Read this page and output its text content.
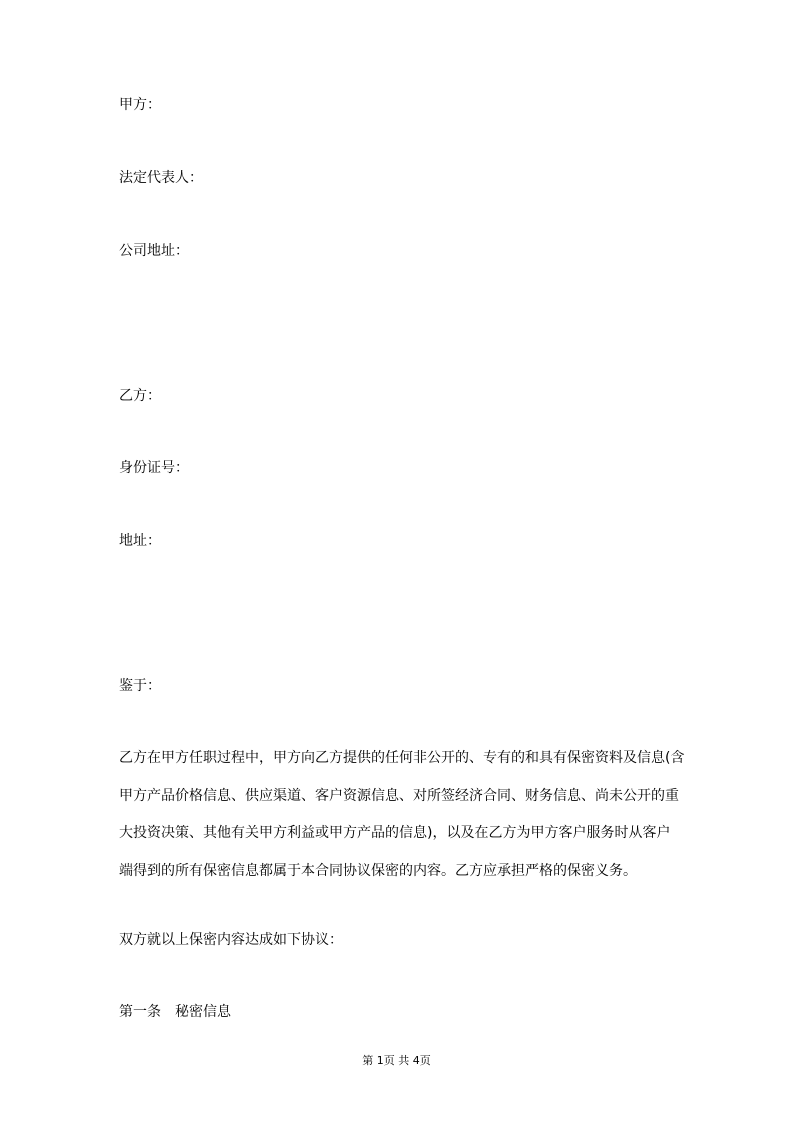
甲方：
法定代表人：
公司地址：
乙方：
身份证号：
地址：
鉴于：
乙方在甲方任职过程中，甲方向乙方提供的任何非公开的、专有的和具有保密资料及信息(含
甲方产品价格信息、供应渠道、客户资源信息、对所签经济合同、财务信息、尚未公开的重
大投资决策、其他有关甲方利益或甲方产品的信息)，以及在乙方为甲方客户服务时从客户
端得到的所有保密信息都属于本合同协议保密的内容。乙方应承担严格的保密义务。
双方就以上保密内容达成如下协议：
第一条　秘密信息
第 1页 共 4页
